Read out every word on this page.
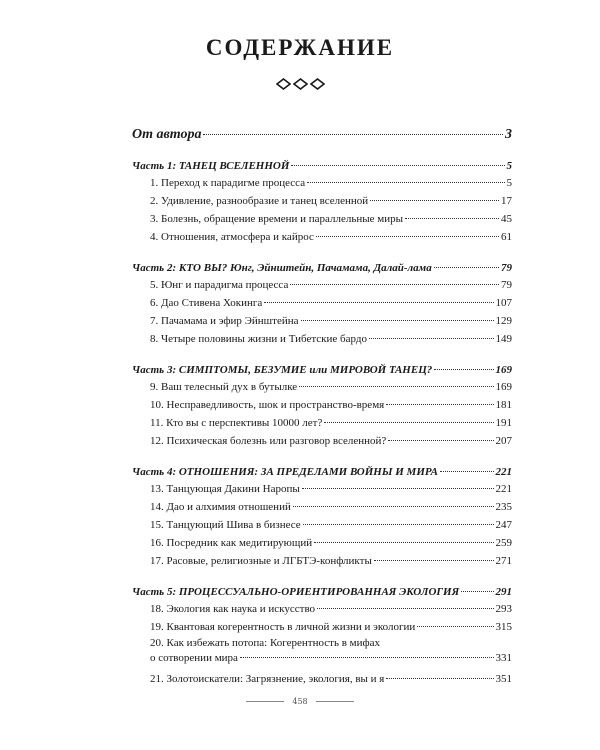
СОДЕРЖАНИЕ
От автора	3
Часть 1: ТАНЕЦ ВСЕЛЕННОЙ	5
1. Переход к парадигме процесса	5
2. Удивление, разнообразие и танец вселенной	17
3. Болезнь, обращение времени и параллельные миры	45
4. Отношения, атмосфера и кайрос	61
Часть 2: КТО ВЫ? Юнг, Эйнштейн, Пачамама, Далай-лама	79
5. Юнг и парадигма процесса	79
6. Дао Стивена Хокинга	107
7. Пачамама и эфир Эйнштейна	129
8. Четыре половины жизни и Тибетские бардо	149
Часть 3: СИМПТОМЫ, БЕЗУМИЕ или МИРОВОЙ ТАНЕЦ?	169
9. Ваш телесный дух в бутылке	169
10. Несправедливость, шок и пространство-время	181
11. Кто вы с перспективы 10000 лет?	191
12. Психическая болезнь или разговор вселенной?	207
Часть 4: ОТНОШЕНИЯ: ЗА ПРЕДЕЛАМИ ВОЙНЫ И МИРА	221
13. Танцующая Дакини Наропы	221
14. Дао и алхимия отношений	235
15. Танцующий Шива в бизнесе	247
16. Посредник как медитирующий	259
17. Расовые, религиозные и ЛГБТЭ-конфликты	271
Часть 5: ПРОЦЕССУАЛЬНО-ОРИЕНТИРОВАННАЯ ЭКОЛОГИЯ	291
18. Экология как наука и искусство	293
19. Квантовая когерентность в личной жизни и экологии	315
20. Как избежать потопа: Когерентность в мифах
о сотворении мира	331
21. Золотоискатели: Загрязнение, экология, вы и я	351
458
